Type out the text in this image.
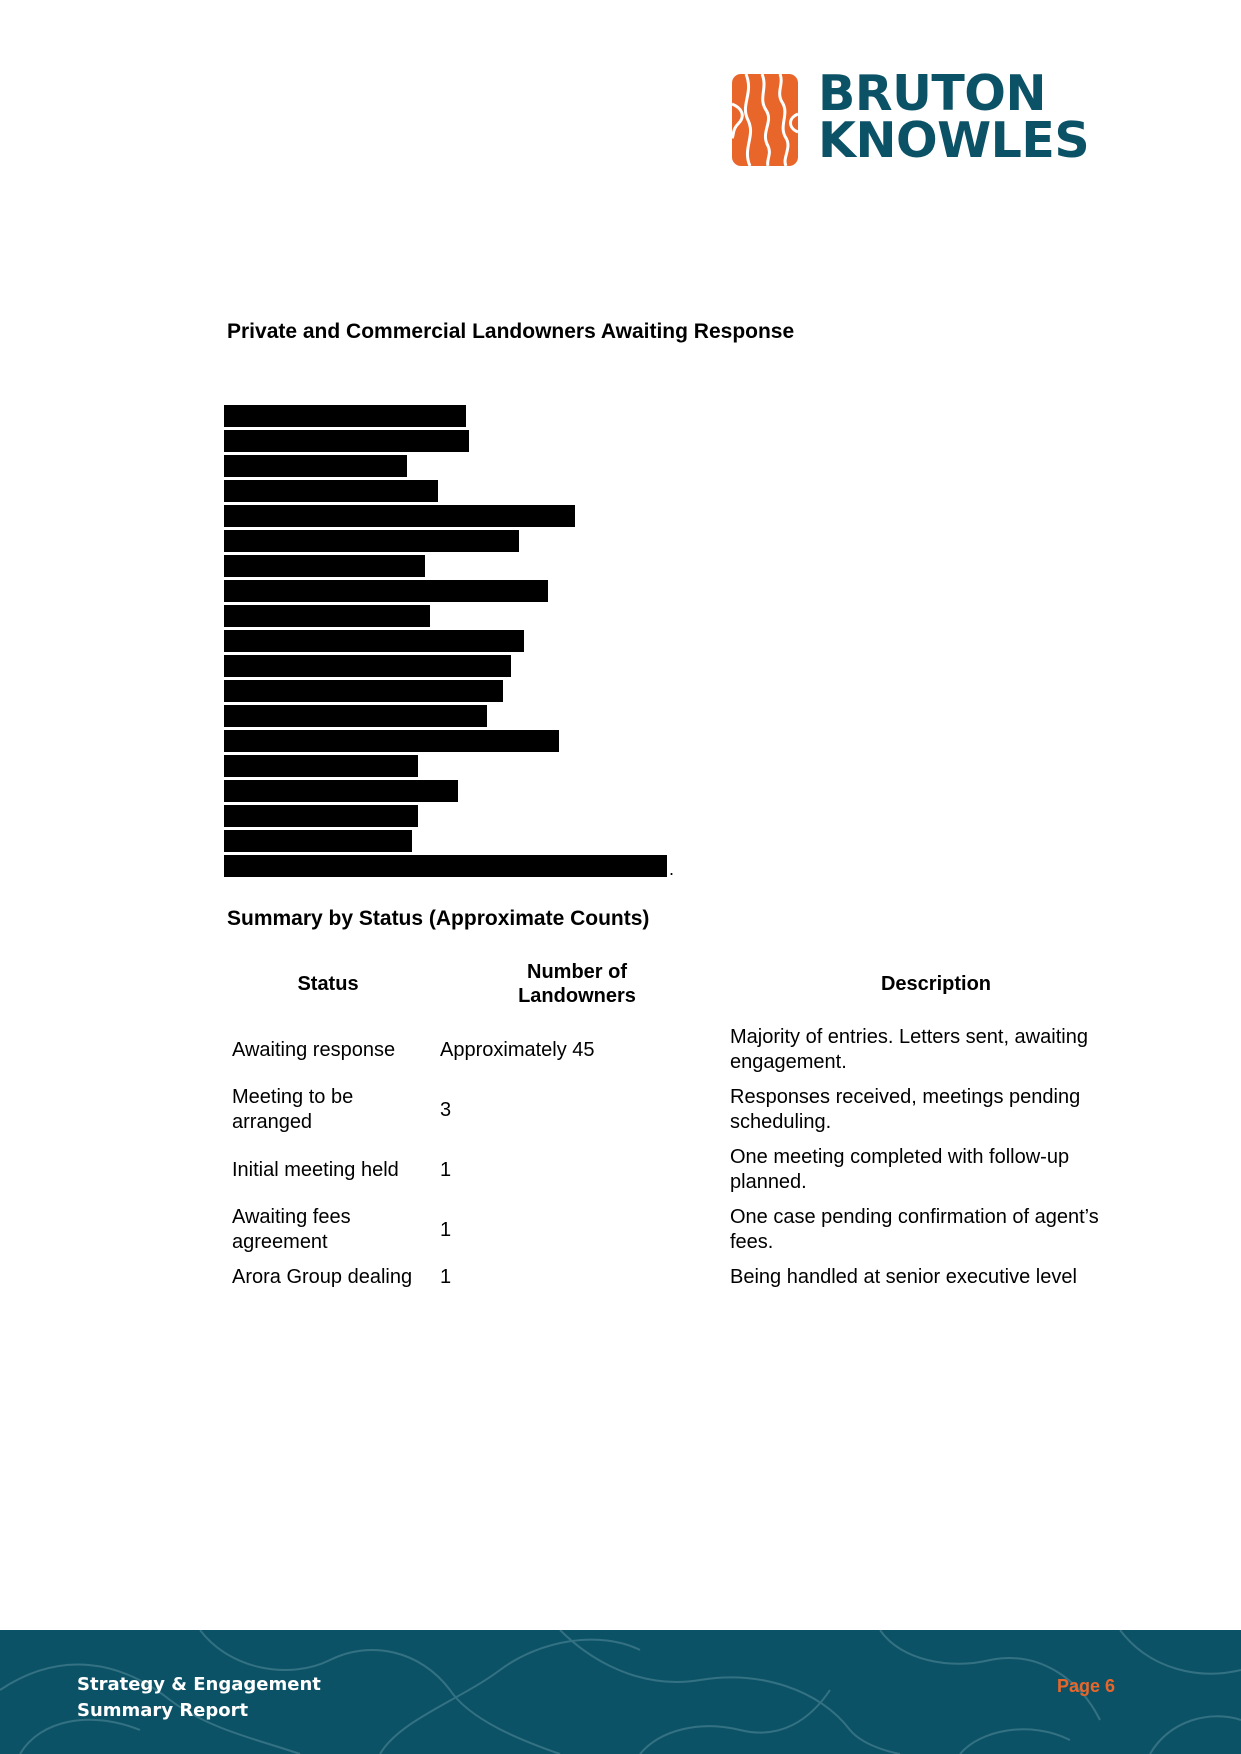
BRUTON
KNOWLES
Private and Commercial Landowners Awaiting Response
.
Summary by Status (Approximate Counts)
Status	Number of Landowners	Description
Awaiting response	Approximately 45	Majority of entries. Letters sent, awaiting engagement.
Meeting to be arranged	3	Responses received, meetings pending scheduling.
Initial meeting held	1	One meeting completed with follow-up planned.
Awaiting fees agreement	1	One case pending confirmation of agent’s fees.
Arora Group dealing	1	Being handled at senior executive level
Strategy & Engagement
Summary Report
Page 6
